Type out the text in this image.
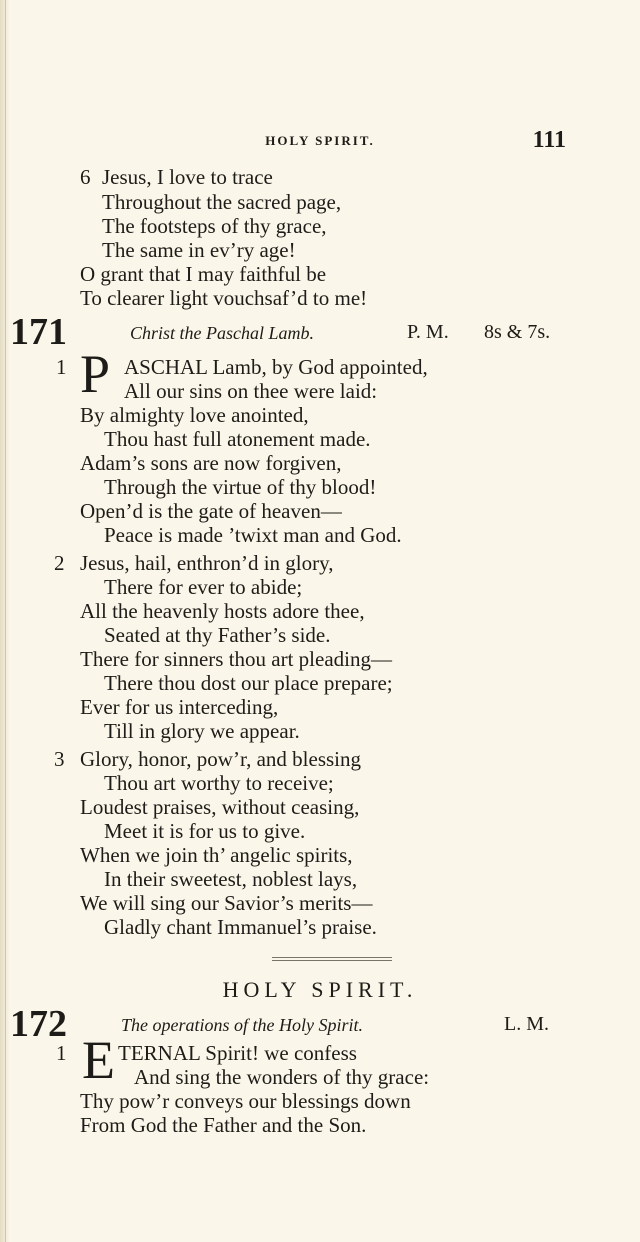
HOLY SPIRIT.	111
6 Jesus, I love to trace
Throughout the sacred page,
The footsteps of thy grace,
The same in ev’ry age!
O grant that I may faithful be
To clearer light vouchsaf’d to me!
171	Christ the Paschal Lamb.	P. M. 8s & 7s.
1 P ASCHAL Lamb, by God appointed,
All our sins on thee were laid:
By almighty love anointed,
Thou hast full atonement made.
Adam’s sons are now forgiven,
Through the virtue of thy blood!
Open’d is the gate of heaven—
Peace is made ’twixt man and God.
2 Jesus, hail, enthron’d in glory,
There for ever to abide;
All the heavenly hosts adore thee,
Seated at thy Father’s side.
There for sinners thou art pleading—
There thou dost our place prepare;
Ever for us interceding,
Till in glory we appear.
3 Glory, honor, pow’r, and blessing
Thou art worthy to receive;
Loudest praises, without ceasing,
Meet it is for us to give.
When we join th’ angelic spirits,
In their sweetest, noblest lays,
We will sing our Savior’s merits—
Gladly chant Immanuel’s praise.
HOLY SPIRIT.
172	The operations of the Holy Spirit.	L. M.
1 E TERNAL Spirit! we confess
And sing the wonders of thy grace:
Thy pow’r conveys our blessings down
From God the Father and the Son.
